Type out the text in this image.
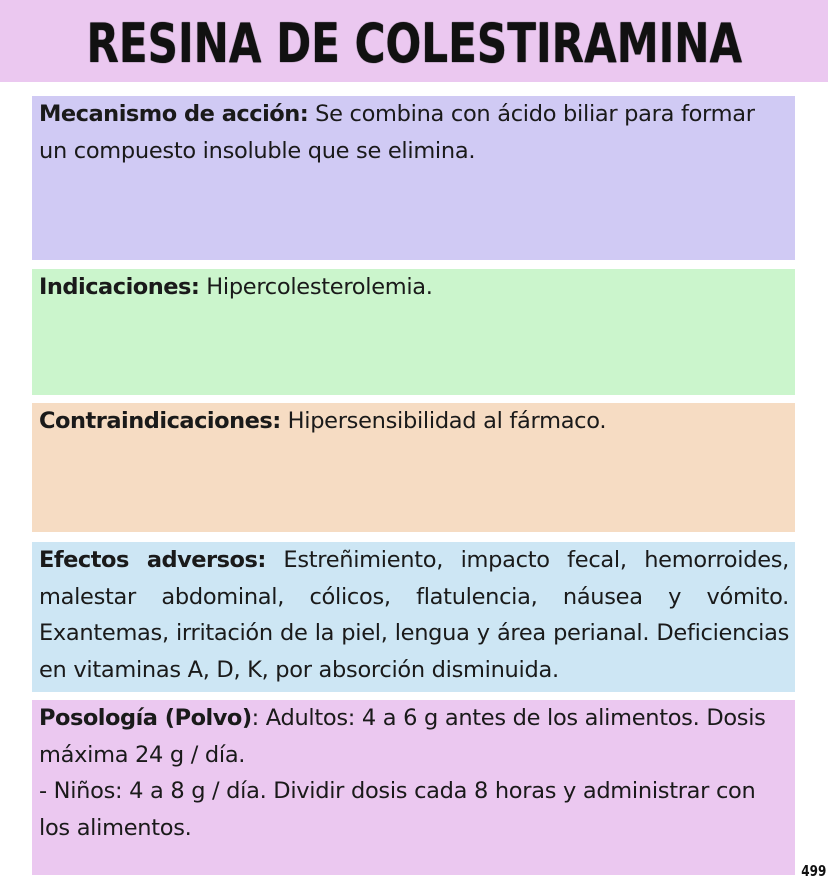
RESINA DE COLESTIRAMINA

Mecanismo de acción: Se combina con ácido biliar para formar un compuesto insoluble que se elimina.

Indicaciones: Hipercolesterolemia.

Contraindicaciones: Hipersensibilidad al fármaco.

Efectos adversos: Estreñimiento, impacto fecal, hemorroides, malestar abdominal, cólicos, flatulencia, náusea y vómito. Exantemas, irritación de la piel, lengua y área perianal. Deficiencias en vitaminas A, D, K, por absorción disminuida.

Posología (Polvo): Adultos: 4 a 6 g antes de los alimentos. Dosis máxima 24 g / día.

- Niños: 4 a 8 g / día. Dividir dosis cada 8 horas y administrar con los alimentos.

499
